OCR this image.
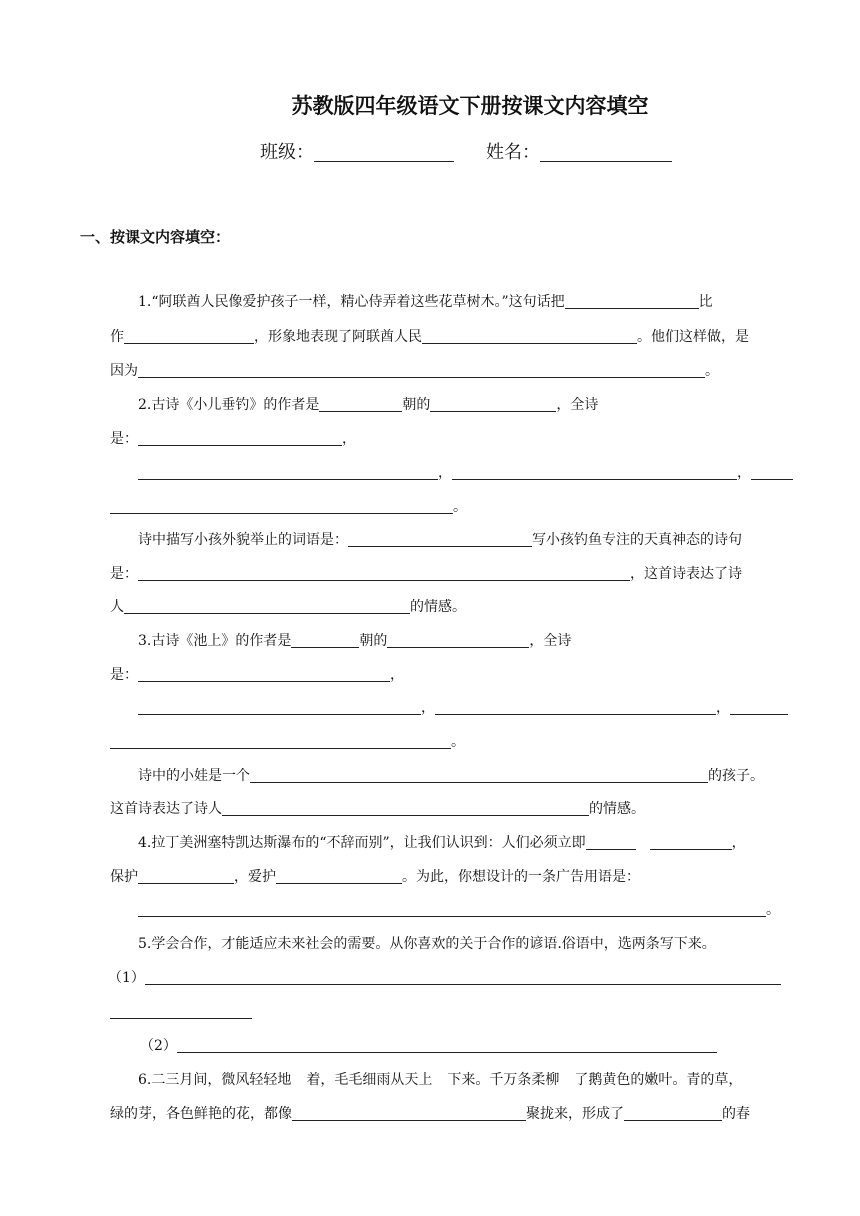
苏教版四年级语文下册按课文内容填空
班级：	姓名：
一、按课文内容填空：
1.“阿联酋人民像爱护孩子一样，精心侍弄着这些花草树木。”这句话把	比
作	，形象地表现了阿联酋人民	。他们这样做，是
因为	。
2.古诗《小儿垂钓》的作者是	朝的	，全诗
是：	，
，	，
。
诗中描写小孩外貌举止的词语是：	写小孩钓鱼专注的天真神态的诗句
是：	，这首诗表达了诗
人	的情感。
3.古诗《池上》的作者是	朝的	，全诗
是：	，
，	，
。
诗中的小娃是一个	的孩子。
这首诗表达了诗人	的情感。
4.拉丁美洲塞特凯达斯瀑布的“不辞而别”，让我们认识到：人们必须立即	，
保护	，爱护	。为此，你想设计的一条广告用语是：
。
5.学会合作，才能适应未来社会的需要。从你喜欢的关于合作的谚语.俗语中，选两条写下来。
（1）
（2）
6.二三月间，微风轻轻地 着，毛毛细雨从天上 下来。千万条柔柳 了鹅黄色的嫩叶。青的草，
绿的芽，各色鲜艳的花，都像	聚拢来，形成了	的春
